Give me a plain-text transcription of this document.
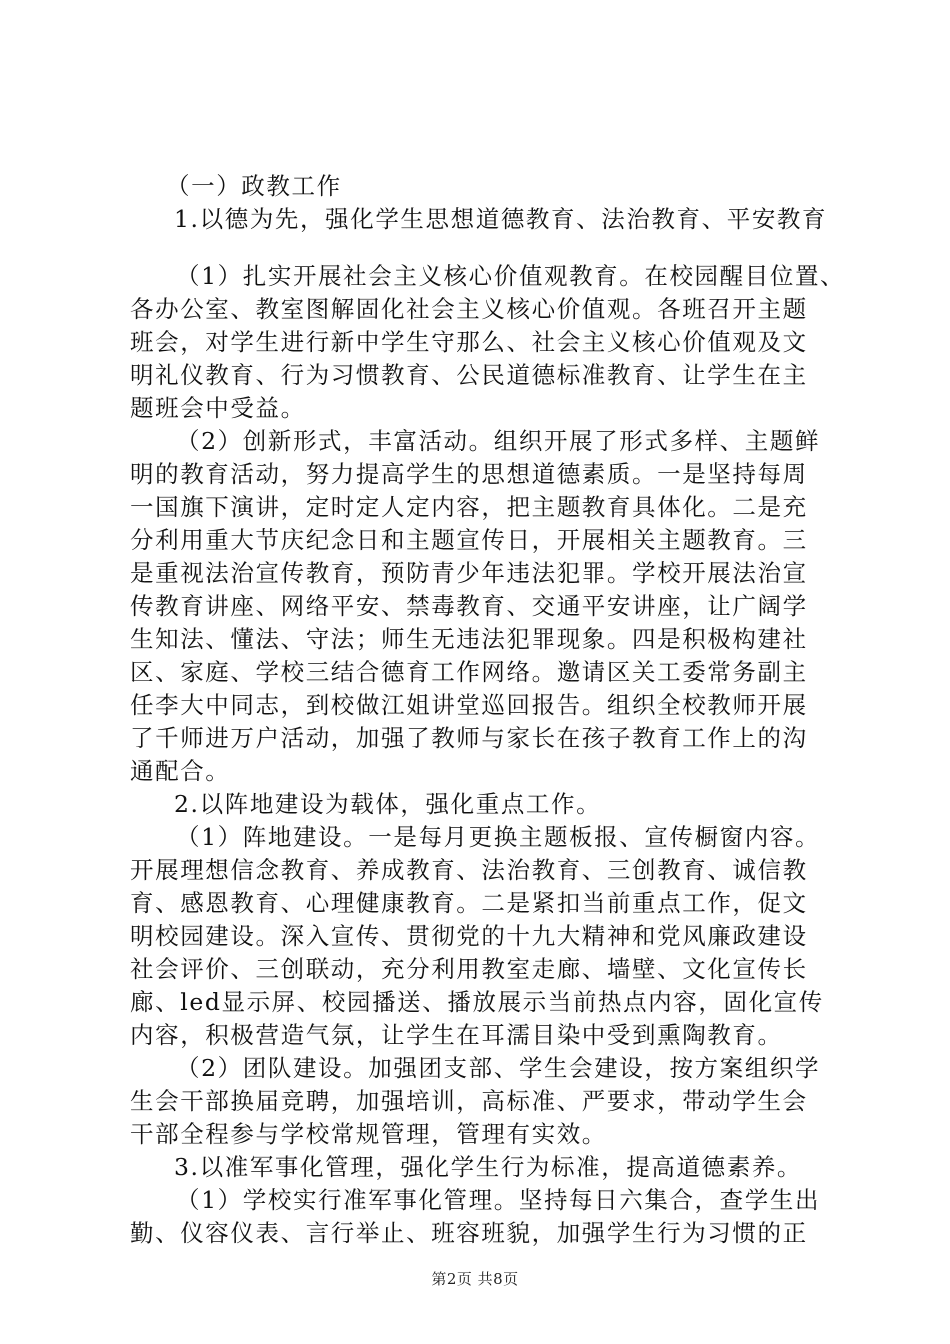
（一）政教工作
1.以德为先，强化学生思想道德教育、法治教育、平安教育
（1）扎实开展社会主义核心价值观教育。在校园醒目位置、
各办公室、教室图解固化社会主义核心价值观。各班召开主题
班会，对学生进行新中学生守那么、社会主义核心价值观及文
明礼仪教育、行为习惯教育、公民道德标准教育、让学生在主
题班会中受益。
（2）创新形式，丰富活动。组织开展了形式多样、主题鲜
明的教育活动，努力提高学生的思想道德素质。一是坚持每周
一国旗下演讲，定时定人定内容，把主题教育具体化。二是充
分利用重大节庆纪念日和主题宣传日，开展相关主题教育。三
是重视法治宣传教育，预防青少年违法犯罪。学校开展法治宣
传教育讲座、网络平安、禁毒教育、交通平安讲座，让广阔学
生知法、懂法、守法；师生无违法犯罪现象。四是积极构建社
区、家庭、学校三结合德育工作网络。邀请区关工委常务副主
任李大中同志，到校做江姐讲堂巡回报告。组织全校教师开展
了千师进万户活动，加强了教师与家长在孩子教育工作上的沟
通配合。
2.以阵地建设为载体，强化重点工作。
（1）阵地建设。一是每月更换主题板报、宣传橱窗内容。
开展理想信念教育、养成教育、法治教育、三创教育、诚信教
育、感恩教育、心理健康教育。二是紧扣当前重点工作，促文
明校园建设。深入宣传、贯彻党的十九大精神和党风廉政建设
社会评价、三创联动，充分利用教室走廊、墙壁、文化宣传长
廊、led显示屏、校园播送、播放展示当前热点内容，固化宣传
内容，积极营造气氛，让学生在耳濡目染中受到熏陶教育。
（2）团队建设。加强团支部、学生会建设，按方案组织学
生会干部换届竞聘，加强培训，高标准、严要求，带动学生会
干部全程参与学校常规管理，管理有实效。
3.以准军事化管理，强化学生行为标准，提高道德素养。
（1）学校实行准军事化管理。坚持每日六集合，查学生出
勤、仪容仪表、言行举止、班容班貌，加强学生行为习惯的正
第2页 共8页
